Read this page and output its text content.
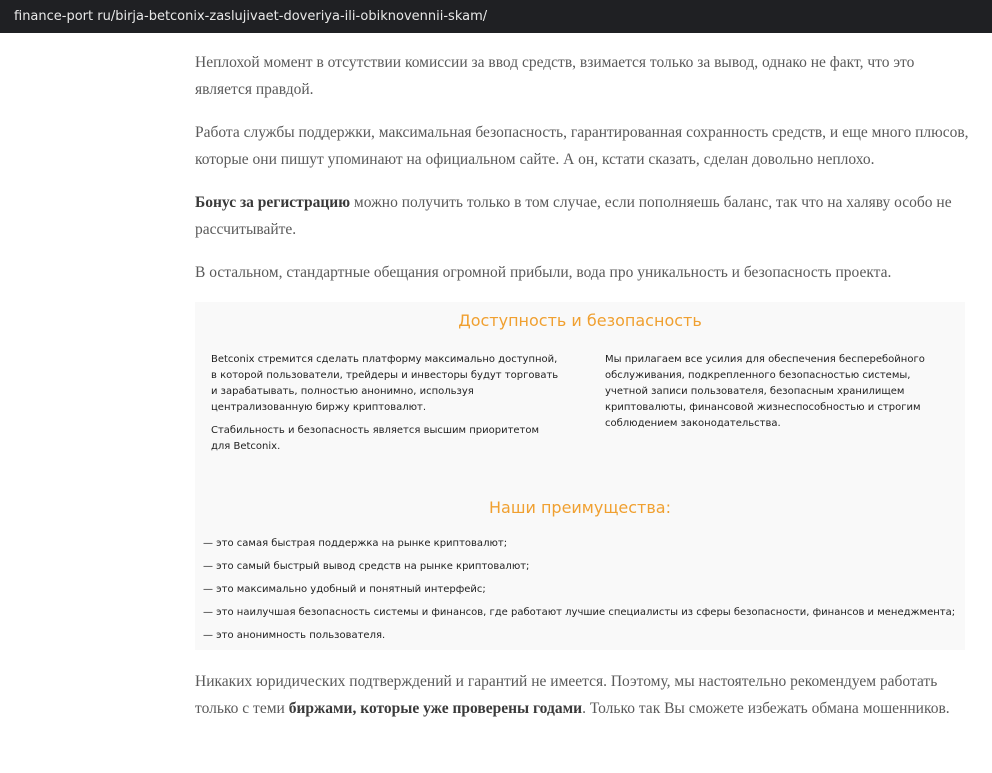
finance-port ru/birja-betconix-zaslujivaet-doveriya-ili-obiknovennii-skam/

Неплохой момент в отсутствии комиссии за ввод средств, взимается только за вывод, однако не факт, что это является правдой.

Работа службы поддержки, максимальная безопасность, гарантированная сохранность средств, и еще много плюсов, которые они пишут упоминают на официальном сайте. А он, кстати сказать, сделан довольно неплохо.

Бонус за регистрацию можно получить только в том случае, если пополняешь баланс, так что на халяву особо не рассчитывайте.

В остальном, стандартные обещания огромной прибыли, вода про уникальность и безопасность проекта.

Доступность и безопасность
Betconix стремится сделать платформу максимально доступной, в которой пользователи, трейдеры и инвесторы будут торговать и зарабатывать, полностью анонимно, используя централизованную биржу криптовалют.
Стабильность и безопасность является высшим приоритетом для Betconix.
Мы прилагаем все усилия для обеспечения бесперебойного обслуживания, подкрепленного безопасностью системы, учетной записи пользователя, безопасным хранилищем криптовалюты, финансовой жизнеспособностью и строгим соблюдением законодательства.
Наши преимущества:
— это самая быстрая поддержка на рынке криптовалют;
— это самый быстрый вывод средств на рынке криптовалют;
— это максимально удобный и понятный интерфейс;
— это наилучшая безопасность системы и финансов, где работают лучшие специалисты из сферы безопасности, финансов и менеджмента;
— это анонимность пользователя.

Никаких юридических подтверждений и гарантий не имеется. Поэтому, мы настоятельно рекомендуем работать только с теми биржами, которые уже проверены годами. Только так Вы сможете избежать обмана мошенников.
